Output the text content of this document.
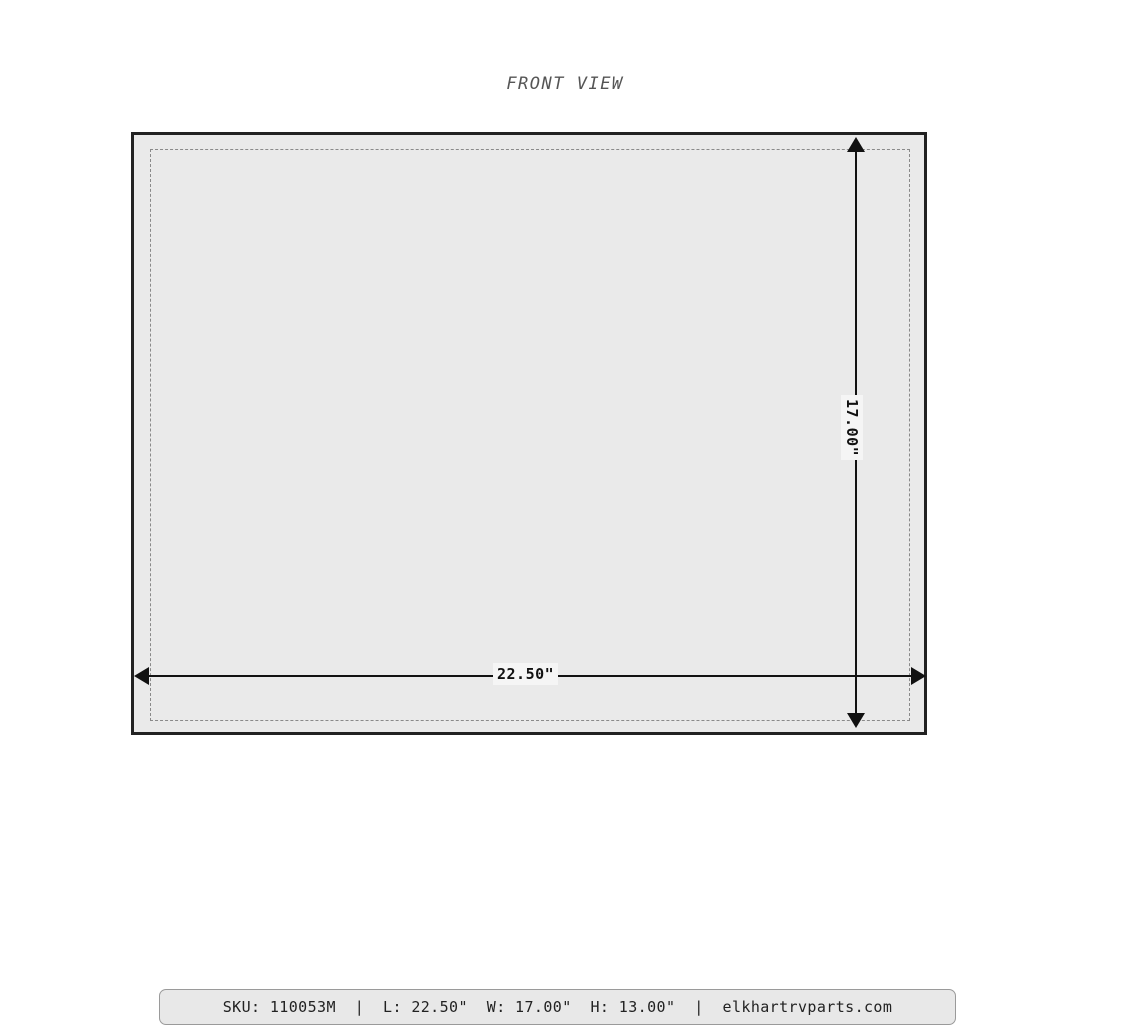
FRONT VIEW
22.50"
17.00"
SKU: 110053M  |  L: 22.50"  W: 17.00"  H: 13.00"  |  elkhartrvparts.com
